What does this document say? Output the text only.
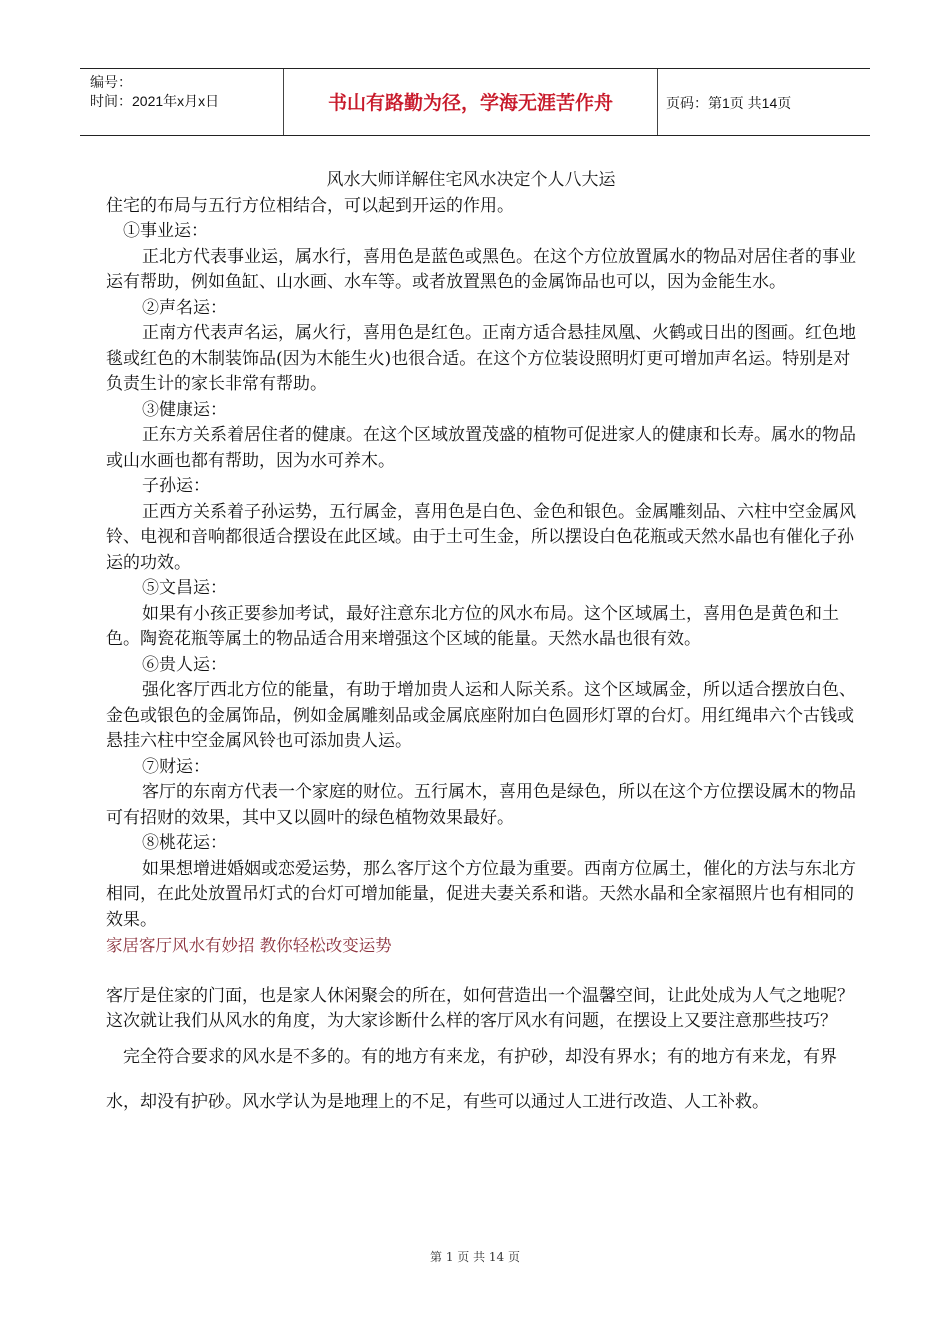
编号：
时间：2021年x月x日	书山有路勤为径，学海无涯苦作舟	页码：第1页 共14页

风水大师详解住宅风水决定个人八大运

住宅的布局与五行方位相结合，可以起到开运的作用。

①事业运：

正北方代表事业运，属水行，喜用色是蓝色或黑色。在这个方位放置属水的物品对居住者的事业运有帮助，例如鱼缸、山水画、水车等。或者放置黑色的金属饰品也可以，因为金能生水。

②声名运：

正南方代表声名运，属火行，喜用色是红色。正南方适合悬挂凤凰、火鹤或日出的图画。红色地毯或红色的木制装饰品(因为木能生火)也很合适。在这个方位装设照明灯更可增加声名运。特别是对负责生计的家长非常有帮助。

③健康运：

正东方关系着居住者的健康。在这个区域放置茂盛的植物可促进家人的健康和长寿。属水的物品或山水画也都有帮助，因为水可养木。

子孙运：

正西方关系着子孙运势，五行属金，喜用色是白色、金色和银色。金属雕刻品、六柱中空金属风铃、电视和音响都很适合摆设在此区域。由于土可生金，所以摆设白色花瓶或天然水晶也有催化子孙运的功效。

⑤文昌运：

如果有小孩正要参加考试，最好注意东北方位的风水布局。这个区域属土，喜用色是黄色和土色。陶瓷花瓶等属土的物品适合用来增强这个区域的能量。天然水晶也很有效。

⑥贵人运：

强化客厅西北方位的能量，有助于增加贵人运和人际关系。这个区域属金，所以适合摆放白色、金色或银色的金属饰品，例如金属雕刻品或金属底座附加白色圆形灯罩的台灯。用红绳串六个古钱或悬挂六柱中空金属风铃也可添加贵人运。

⑦财运：

客厅的东南方代表一个家庭的财位。五行属木，喜用色是绿色，所以在这个方位摆设属木的物品可有招财的效果，其中又以圆叶的绿色植物效果最好。

⑧桃花运：

如果想增进婚姻或恋爱运势，那么客厅这个方位最为重要。西南方位属土，催化的方法与东北方相同，在此处放置吊灯式的台灯可增加能量，促进夫妻关系和谐。天然水晶和全家福照片也有相同的效果。

家居客厅风水有妙招 教你轻松改变运势

客厅是住家的门面，也是家人休闲聚会的所在，如何营造出一个温馨空间，让此处成为人气之地呢？这次就让我们从风水的角度，为大家诊断什么样的客厅风水有问题，在摆设上又要注意那些技巧？

完全符合要求的风水是不多的。有的地方有来龙，有护砂，却没有界水；有的地方有来龙，有界水，却没有护砂。风水学认为是地理上的不足，有些可以通过人工进行改造、人工补救。

第 1 页 共 14 页
